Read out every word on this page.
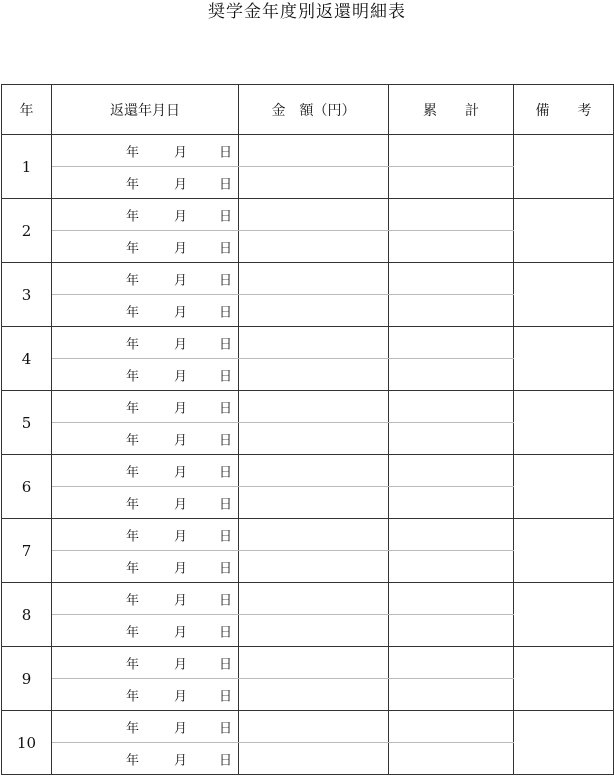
奨学金年度別返還明細表
年	返還年月日	金　額（円）	累　　計	備　　考
1	年 月 日			

	年 月 日			

2	年 月 日			

	年 月 日			

3	年 月 日			

	年 月 日			

4	年 月 日			

	年 月 日			

5	年 月 日			

	年 月 日			

6	年 月 日			

	年 月 日			

7	年 月 日			

	年 月 日			

8	年 月 日			

	年 月 日			

9	年 月 日			

	年 月 日			

10	年 月 日			

	年 月 日			
